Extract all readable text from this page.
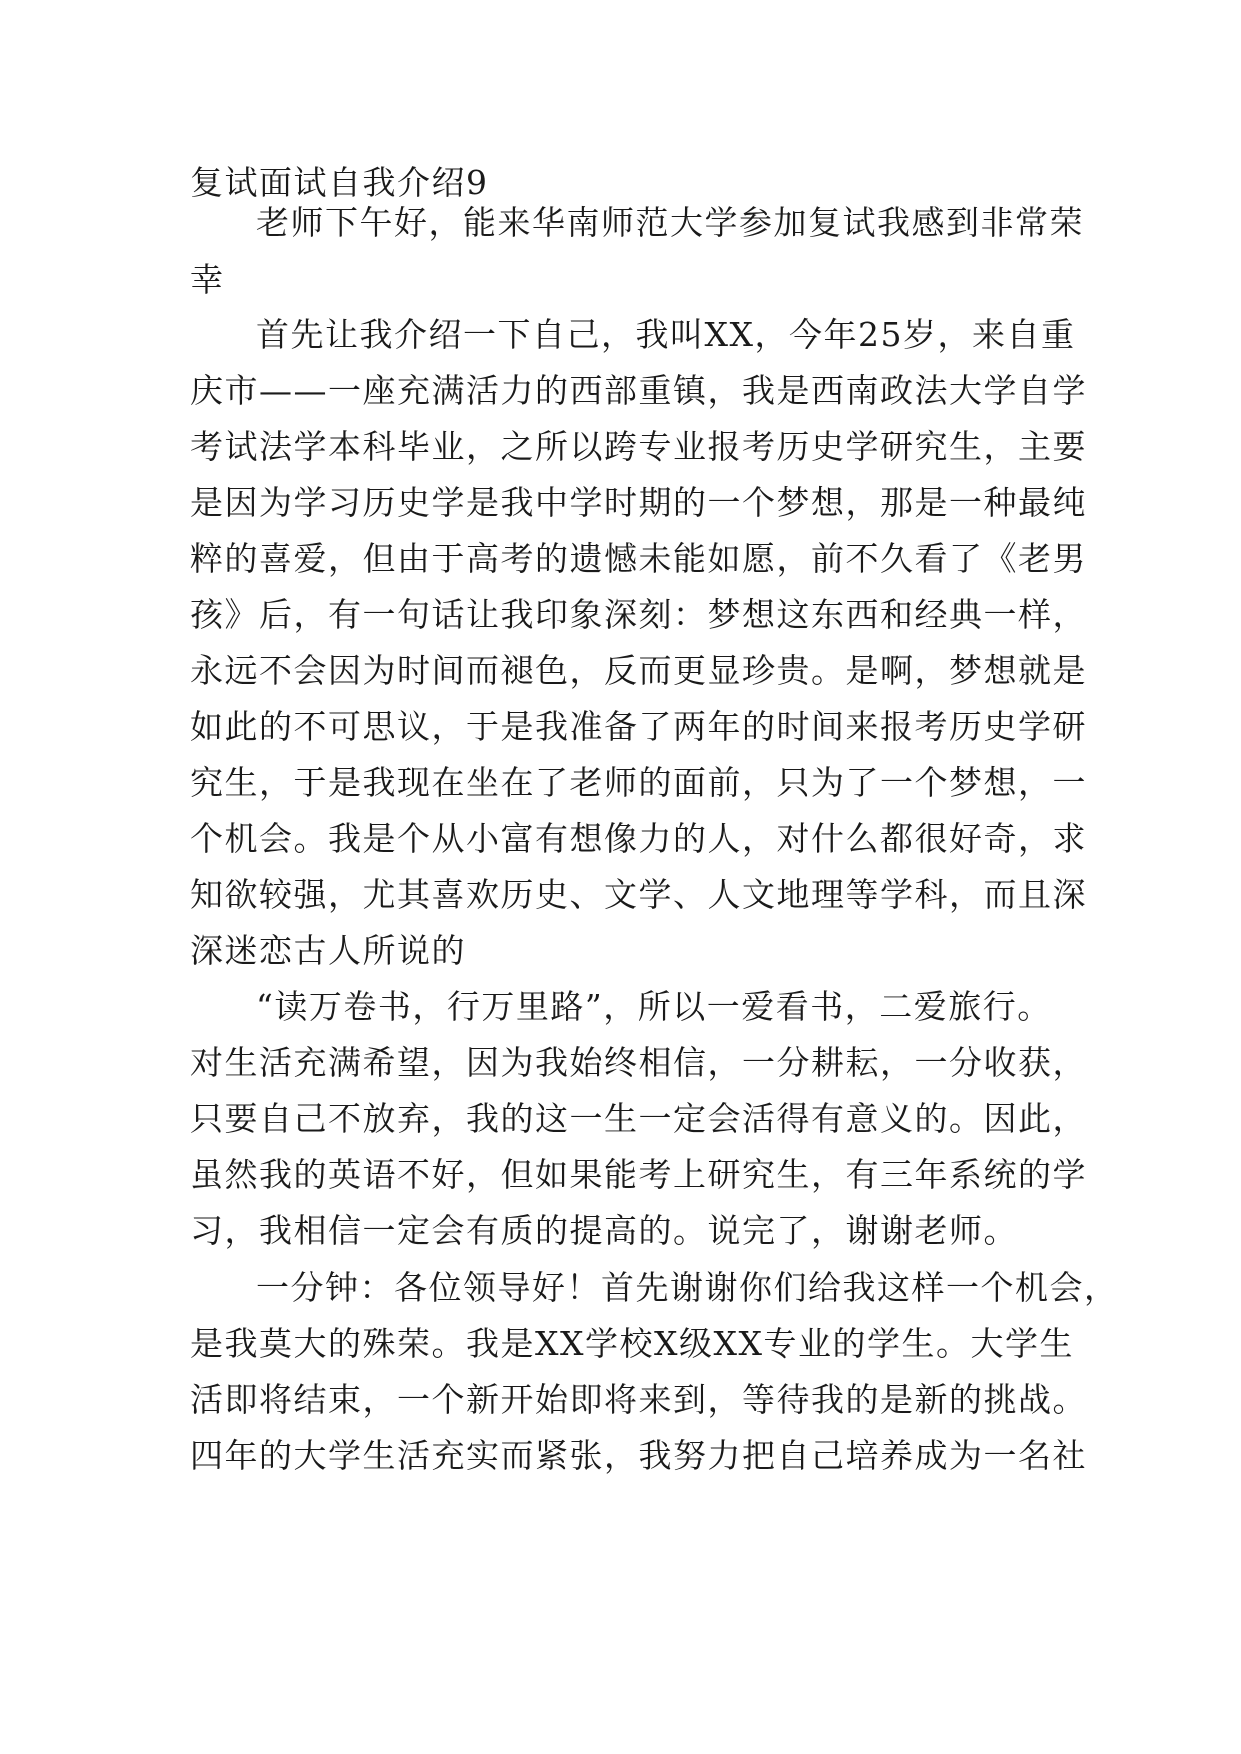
复试面试自我介绍9
老师下午好，能来华南师范大学参加复试我感到非常荣
幸
首先让我介绍一下自己，我叫XX，今年25岁，来自重
庆市——一座充满活力的西部重镇，我是西南政法大学自学
考试法学本科毕业，之所以跨专业报考历史学研究生，主要
是因为学习历史学是我中学时期的一个梦想，那是一种最纯
粹的喜爱，但由于高考的遗憾未能如愿，前不久看了《老男
孩》后，有一句话让我印象深刻：梦想这东西和经典一样，
永远不会因为时间而褪色，反而更显珍贵。是啊，梦想就是
如此的不可思议，于是我准备了两年的时间来报考历史学研
究生，于是我现在坐在了老师的面前，只为了一个梦想，一
个机会。我是个从小富有想像力的人，对什么都很好奇，求
知欲较强，尤其喜欢历史、文学、人文地理等学科，而且深
深迷恋古人所说的
“读万卷书，行万里路”，所以一爱看书，二爱旅行。
对生活充满希望，因为我始终相信，一分耕耘，一分收获，
只要自己不放弃，我的这一生一定会活得有意义的。因此，
虽然我的英语不好，但如果能考上研究生，有三年系统的学
习，我相信一定会有质的提高的。说完了，谢谢老师。
一分钟：各位领导好！首先谢谢你们给我这样一个机会，
是我莫大的殊荣。我是XX学校X级XX专业的学生。大学生
活即将结束，一个新开始即将来到，等待我的是新的挑战。
四年的大学生活充实而紧张，我努力把自己培养成为一名社
